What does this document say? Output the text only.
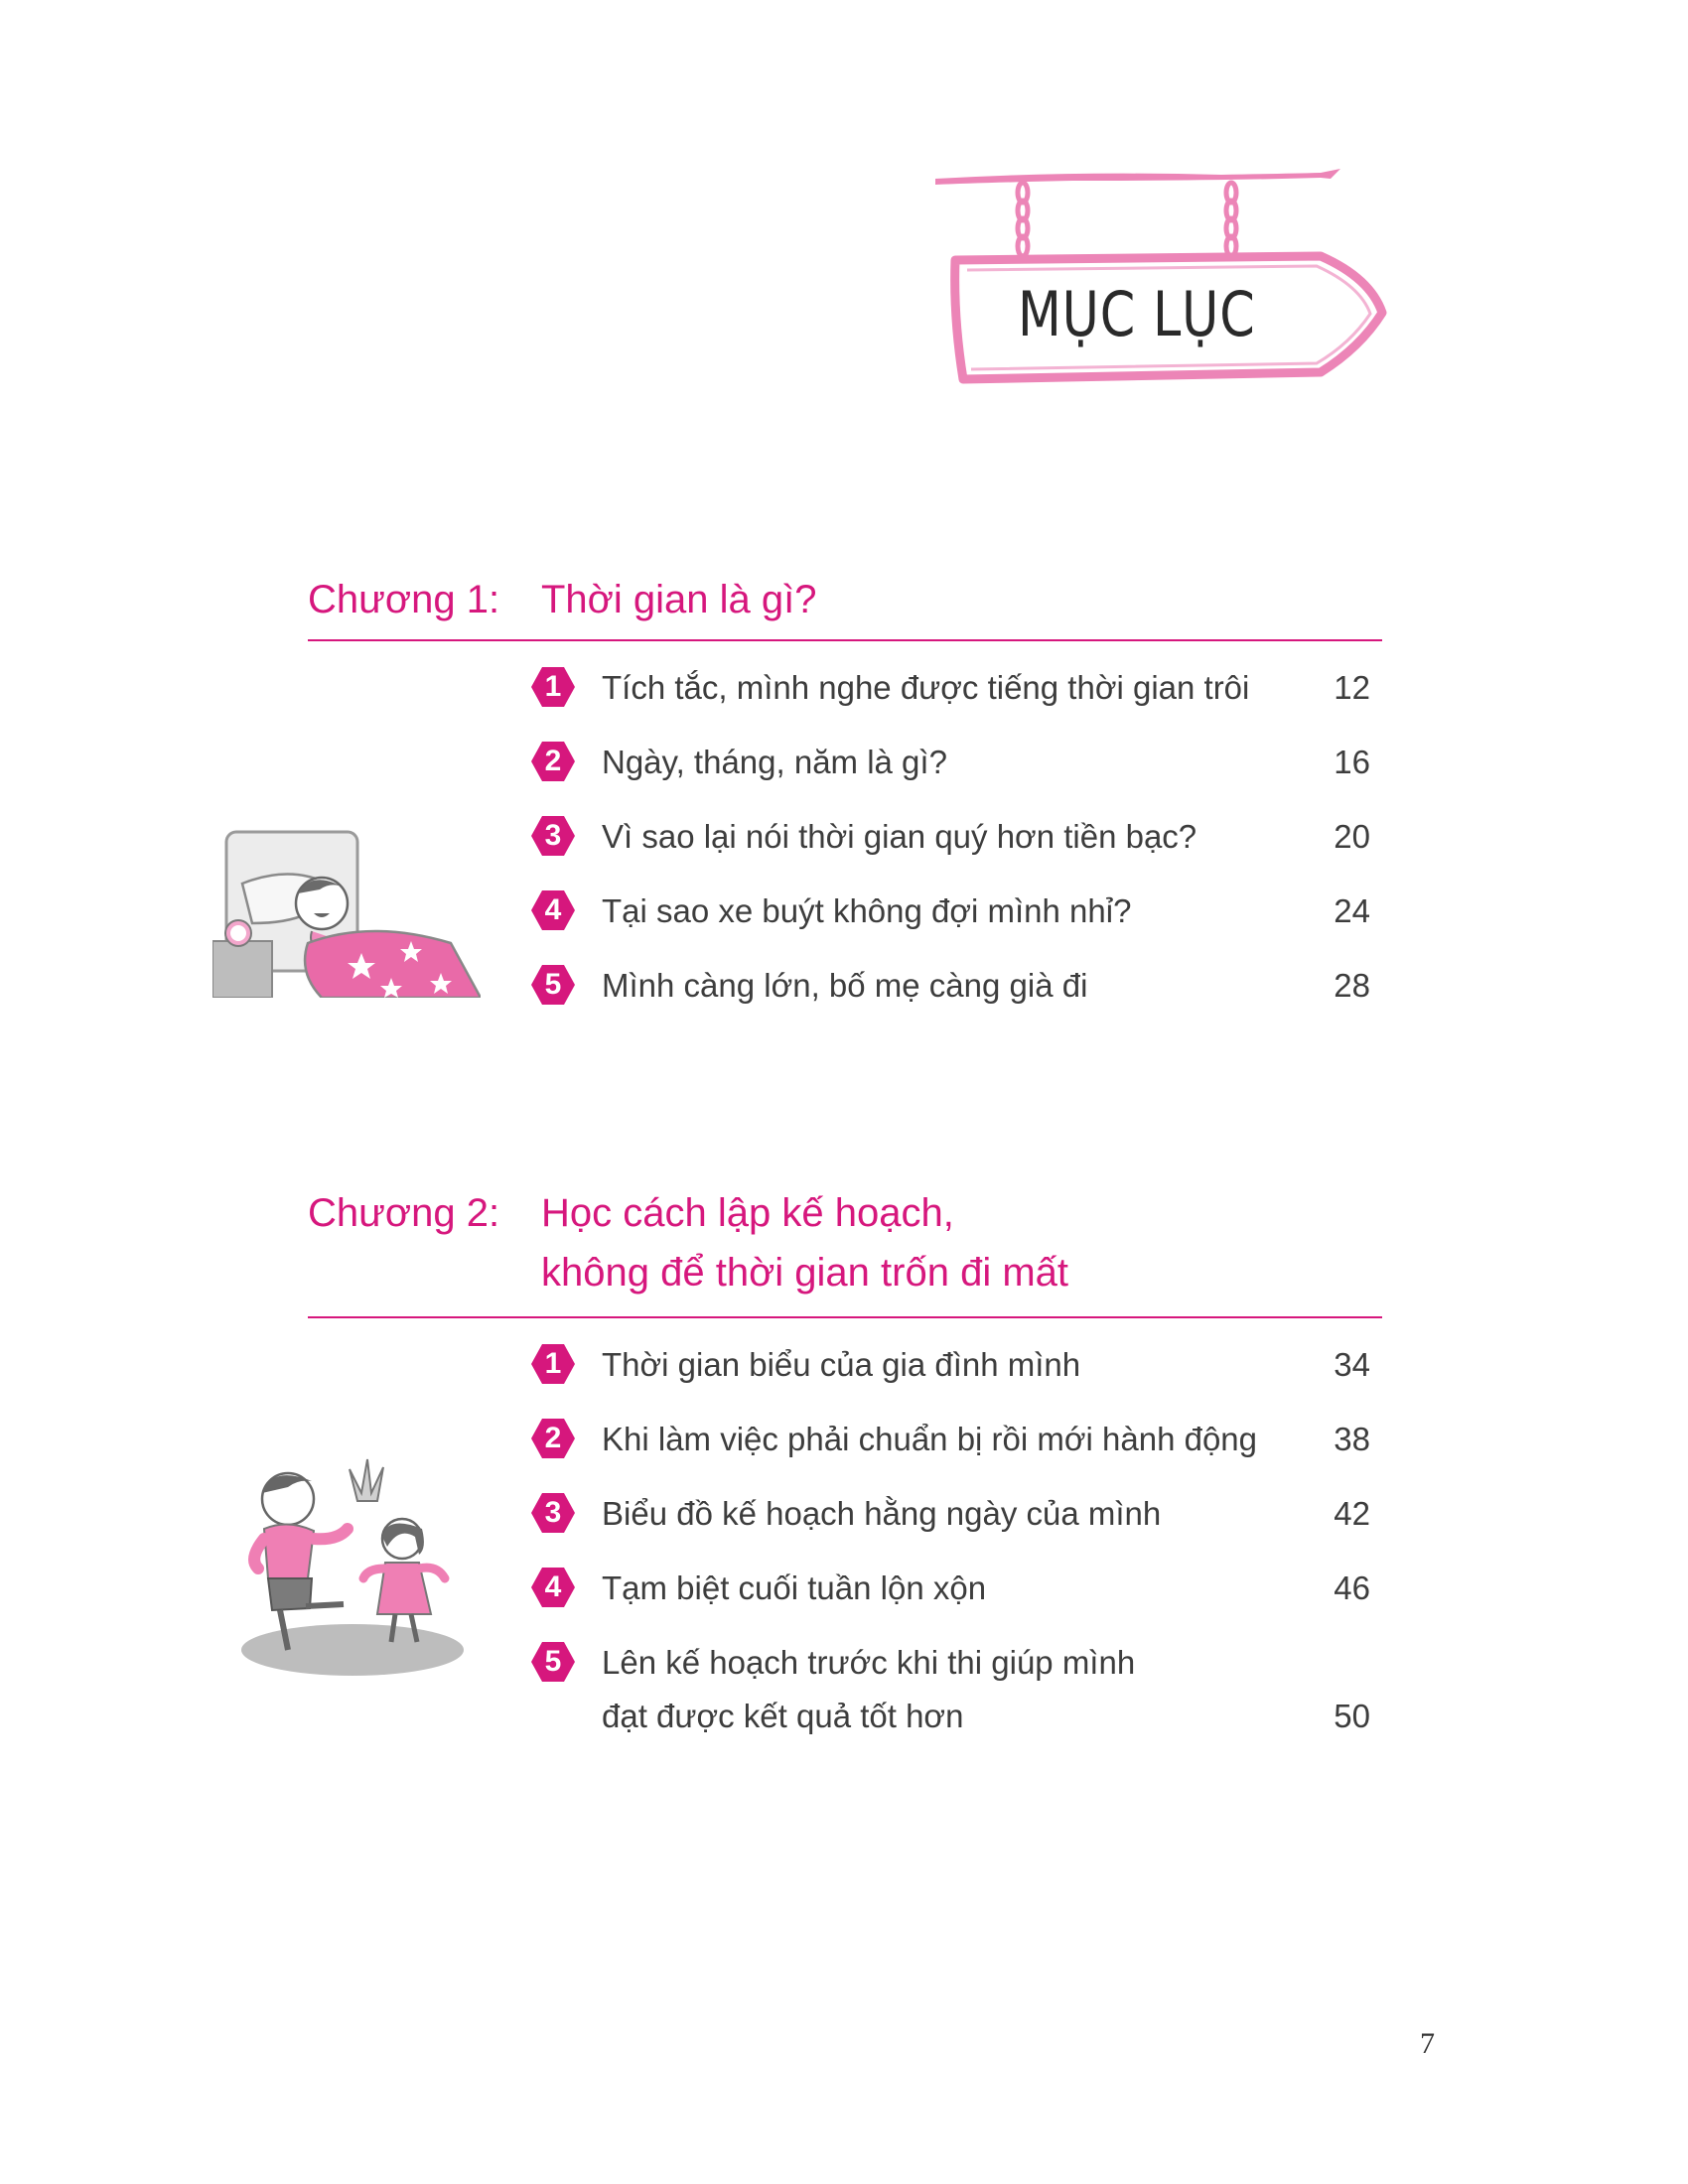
MỤC LỤC
Chương 1: Thời gian là gì?
1	Tích tắc, mình nghe được tiếng thời gian trôi	12
2	Ngày, tháng, năm là gì?	16
3	Vì sao lại nói thời gian quý hơn tiền bạc?	20
4	Tại sao xe buýt không đợi mình nhỉ?	24
5	Mình càng lớn, bố mẹ càng già đi	28
Chương 2: Học cách lập kế hoạch,
không để thời gian trốn đi mất
1	Thời gian biểu của gia đình mình	34
2	Khi làm việc phải chuẩn bị rồi mới hành động 38
3	Biểu đồ kế hoạch hằng ngày của mình	42
4	Tạm biệt cuối tuần lộn xộn	46
5	Lên kế hoạch trước khi thi giúp mình
đạt được kết quả tốt hơn	50
7
